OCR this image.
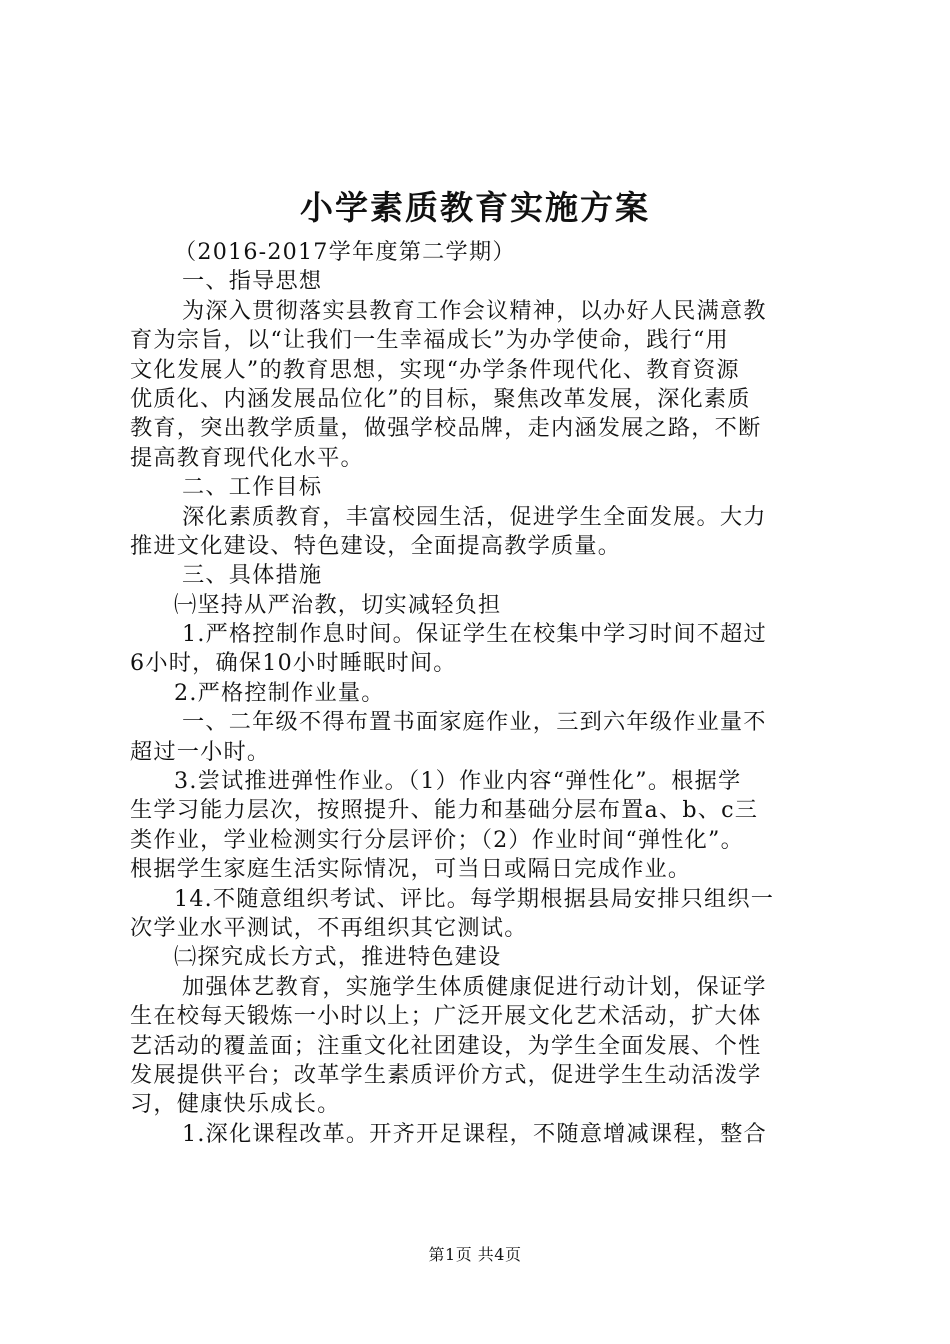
小学素质教育实施方案
（2016-2017学年度第二学期）
一、指导思想
为深入贯彻落实县教育工作会议精神，以办好人民满意教
育为宗旨，以“让我们一生幸福成长”为办学使命，践行“用
文化发展人”的教育思想，实现“办学条件现代化、教育资源
优质化、内涵发展品位化”的目标，聚焦改革发展，深化素质
教育，突出教学质量，做强学校品牌，走内涵发展之路，不断
提高教育现代化水平。
二、工作目标
深化素质教育，丰富校园生活，促进学生全面发展。大力
推进文化建设、特色建设，全面提高教学质量。
三、具体措施
㈠坚持从严治教，切实减轻负担
1.严格控制作息时间。保证学生在校集中学习时间不超过
6小时，确保10小时睡眠时间。
2.严格控制作业量。
一、二年级不得布置书面家庭作业，三到六年级作业量不
超过一小时。
3.尝试推进弹性作业。（1）作业内容“弹性化”。根据学
生学习能力层次，按照提升、能力和基础分层布置a、b、c三
类作业，学业检测实行分层评价；（2）作业时间“弹性化”。
根据学生家庭生活实际情况，可当日或隔日完成作业。
14.不随意组织考试、评比。每学期根据县局安排只组织一
次学业水平测试，不再组织其它测试。
㈡探究成长方式，推进特色建设
加强体艺教育，实施学生体质健康促进行动计划，保证学
生在校每天锻炼一小时以上；广泛开展文化艺术活动，扩大体
艺活动的覆盖面；注重文化社团建设，为学生全面发展、个性
发展提供平台；改革学生素质评价方式，促进学生生动活泼学
习，健康快乐成长。
1.深化课程改革。开齐开足课程，不随意增减课程，整合
第1页 共4页
